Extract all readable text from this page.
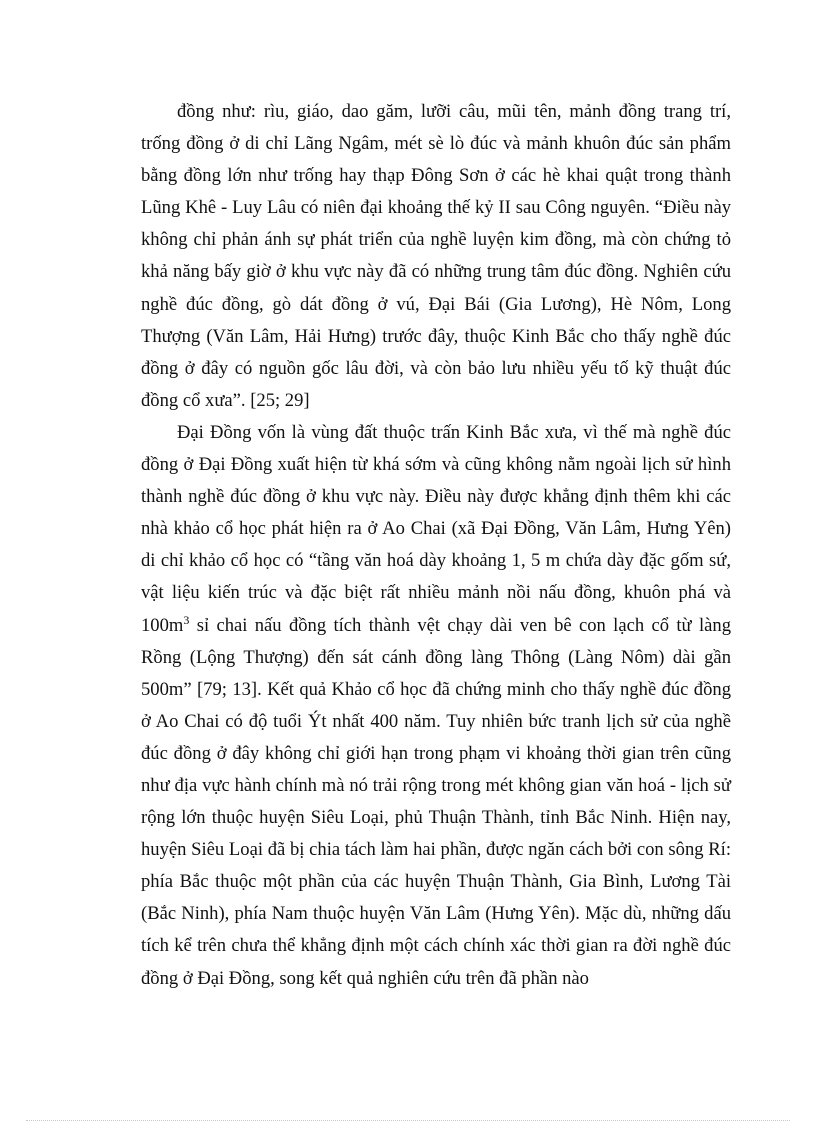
đồng như: rìu, giáo, dao găm, lưỡi câu, mũi tên, mảnh đồng trang trí, trống đồng ở di chỉ Lãng Ngâm, mét sè lò đúc và mảnh khuôn đúc sản phẩm bằng đồng lớn như trống hay thạp Đông Sơn ở các hè khai quật trong thành Lũng Khê - Luy Lâu có niên đại khoảng thế kỷ II sau Công nguyên. “Điều này không chỉ phản ánh sự phát triển của nghề luyện kim đồng, mà còn chứng tỏ khả năng bấy giờ ở khu vực này đã có những trung tâm đúc đồng. Nghiên cứu nghề đúc đồng, gò dát đồng ở vú, Đại Bái (Gia Lương), Hè Nôm, Long Thượng (Văn Lâm, Hải Hưng) trước đây, thuộc Kinh Bắc cho thấy nghề đúc đồng ở đây có nguồn gốc lâu đời, và còn bảo lưu nhiều yếu tố kỹ thuật đúc đồng cổ xưa”. [25; 29]

Đại Đồng vốn là vùng đất thuộc trấn Kinh Bắc xưa, vì thế mà nghề đúc đồng ở Đại Đồng xuất hiện từ khá sớm và cũng không nằm ngoài lịch sử hình thành nghề đúc đồng ở khu vực này. Điều này được khẳng định thêm khi các nhà khảo cổ học phát hiện ra ở Ao Chai (xã Đại Đồng, Văn Lâm, Hưng Yên) di chỉ khảo cổ học có “tầng văn hoá dày khoảng 1, 5 m chứa dày đặc gốm sứ, vật liệu kiến trúc và đặc biệt rất nhiều mảnh nồi nấu đồng, khuôn phá và $100m^3$ sỉ chai nấu đồng tích thành vệt chạy dài ven bê con lạch cổ từ làng Rồng (Lộng Thượng) đến sát cánh đồng làng Thông (Làng Nôm) dài gần 500m” [79; 13]. Kết quả Khảo cổ học đã chứng minh cho thấy nghề đúc đồng ở Ao Chai có độ tuổi Ýt nhất 400 năm. Tuy nhiên bức tranh lịch sử của nghề đúc đồng ở đây không chỉ giới hạn trong phạm vi khoảng thời gian trên cũng như địa vực hành chính mà nó trải rộng trong mét không gian văn hoá - lịch sử rộng lớn thuộc huyện Siêu Loại, phủ Thuận Thành, tỉnh Bắc Ninh. Hiện nay, huyện Siêu Loại đã bị chia tách làm hai phần, được ngăn cách bởi con sông Rí: phía Bắc thuộc một phần của các huyện Thuận Thành, Gia Bình, Lương Tài (Bắc Ninh), phía Nam thuộc huyện Văn Lâm (Hưng Yên). Mặc dù, những dấu tích kể trên chưa thể khẳng định một cách chính xác thời gian ra đời nghề đúc đồng ở Đại Đồng, song kết quả nghiên cứu trên đã phần nào
